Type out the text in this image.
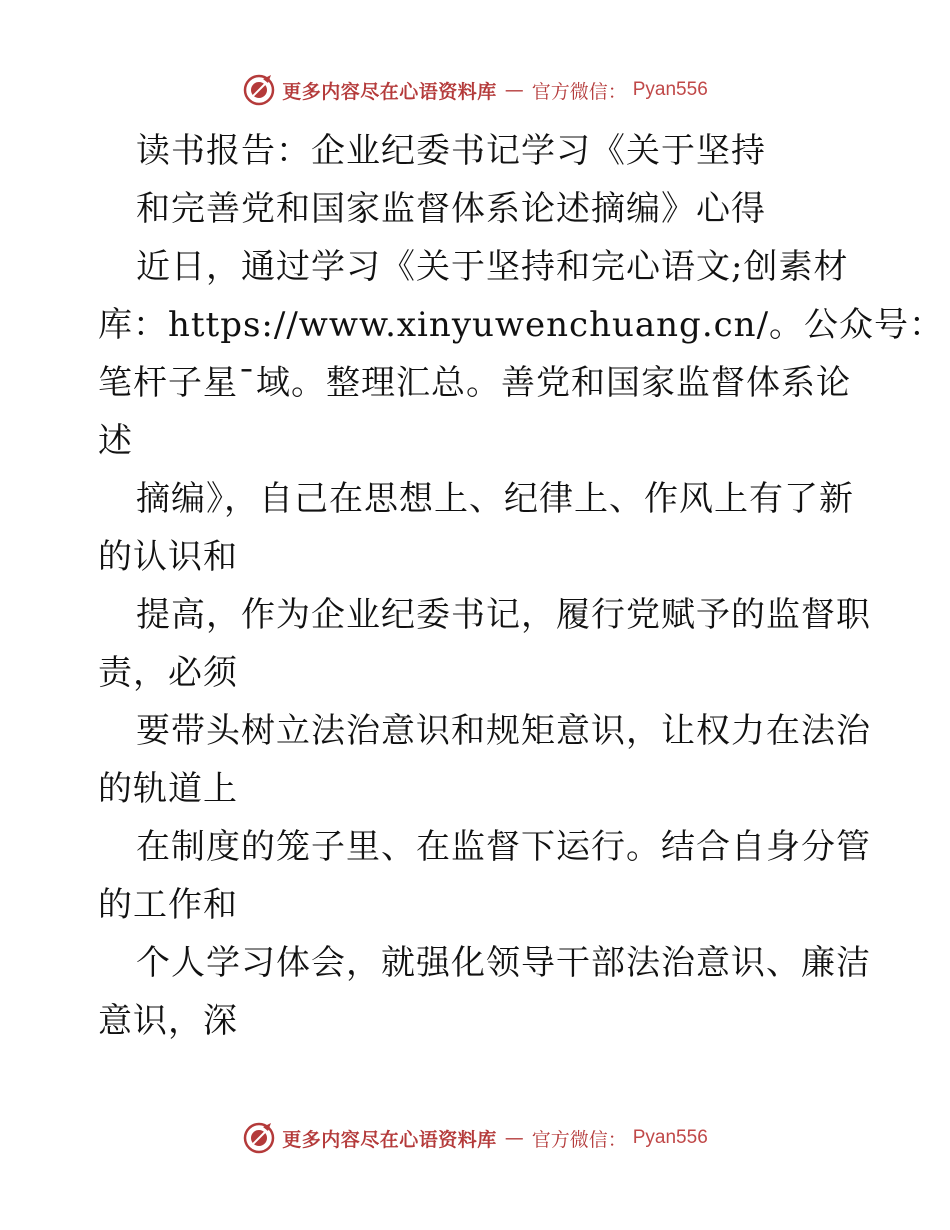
更多内容尽在心语资料库 — 官方微信： Pyan556
读书报告：企业纪委书记学习《关于坚持
和完善党和国家监督体系论述摘编》心得
近日，通过学习《关于坚持和完心语文;创素材
库：https://www.xinyuwenchuang.cn/。公众号：
笔杆子星¯域。整理汇总。善党和国家监督体系论
述
摘编》，自己在思想上、纪律上、作风上有了新
的认识和
提高，作为企业纪委书记，履行党赋予的监督职
责，必须
要带头树立法治意识和规矩意识，让权力在法治
的轨道上
在制度的笼子里、在监督下运行。结合自身分管
的工作和
个人学习体会，就强化领导干部法治意识、廉洁
意识，深
更多内容尽在心语资料库 — 官方微信： Pyan556
